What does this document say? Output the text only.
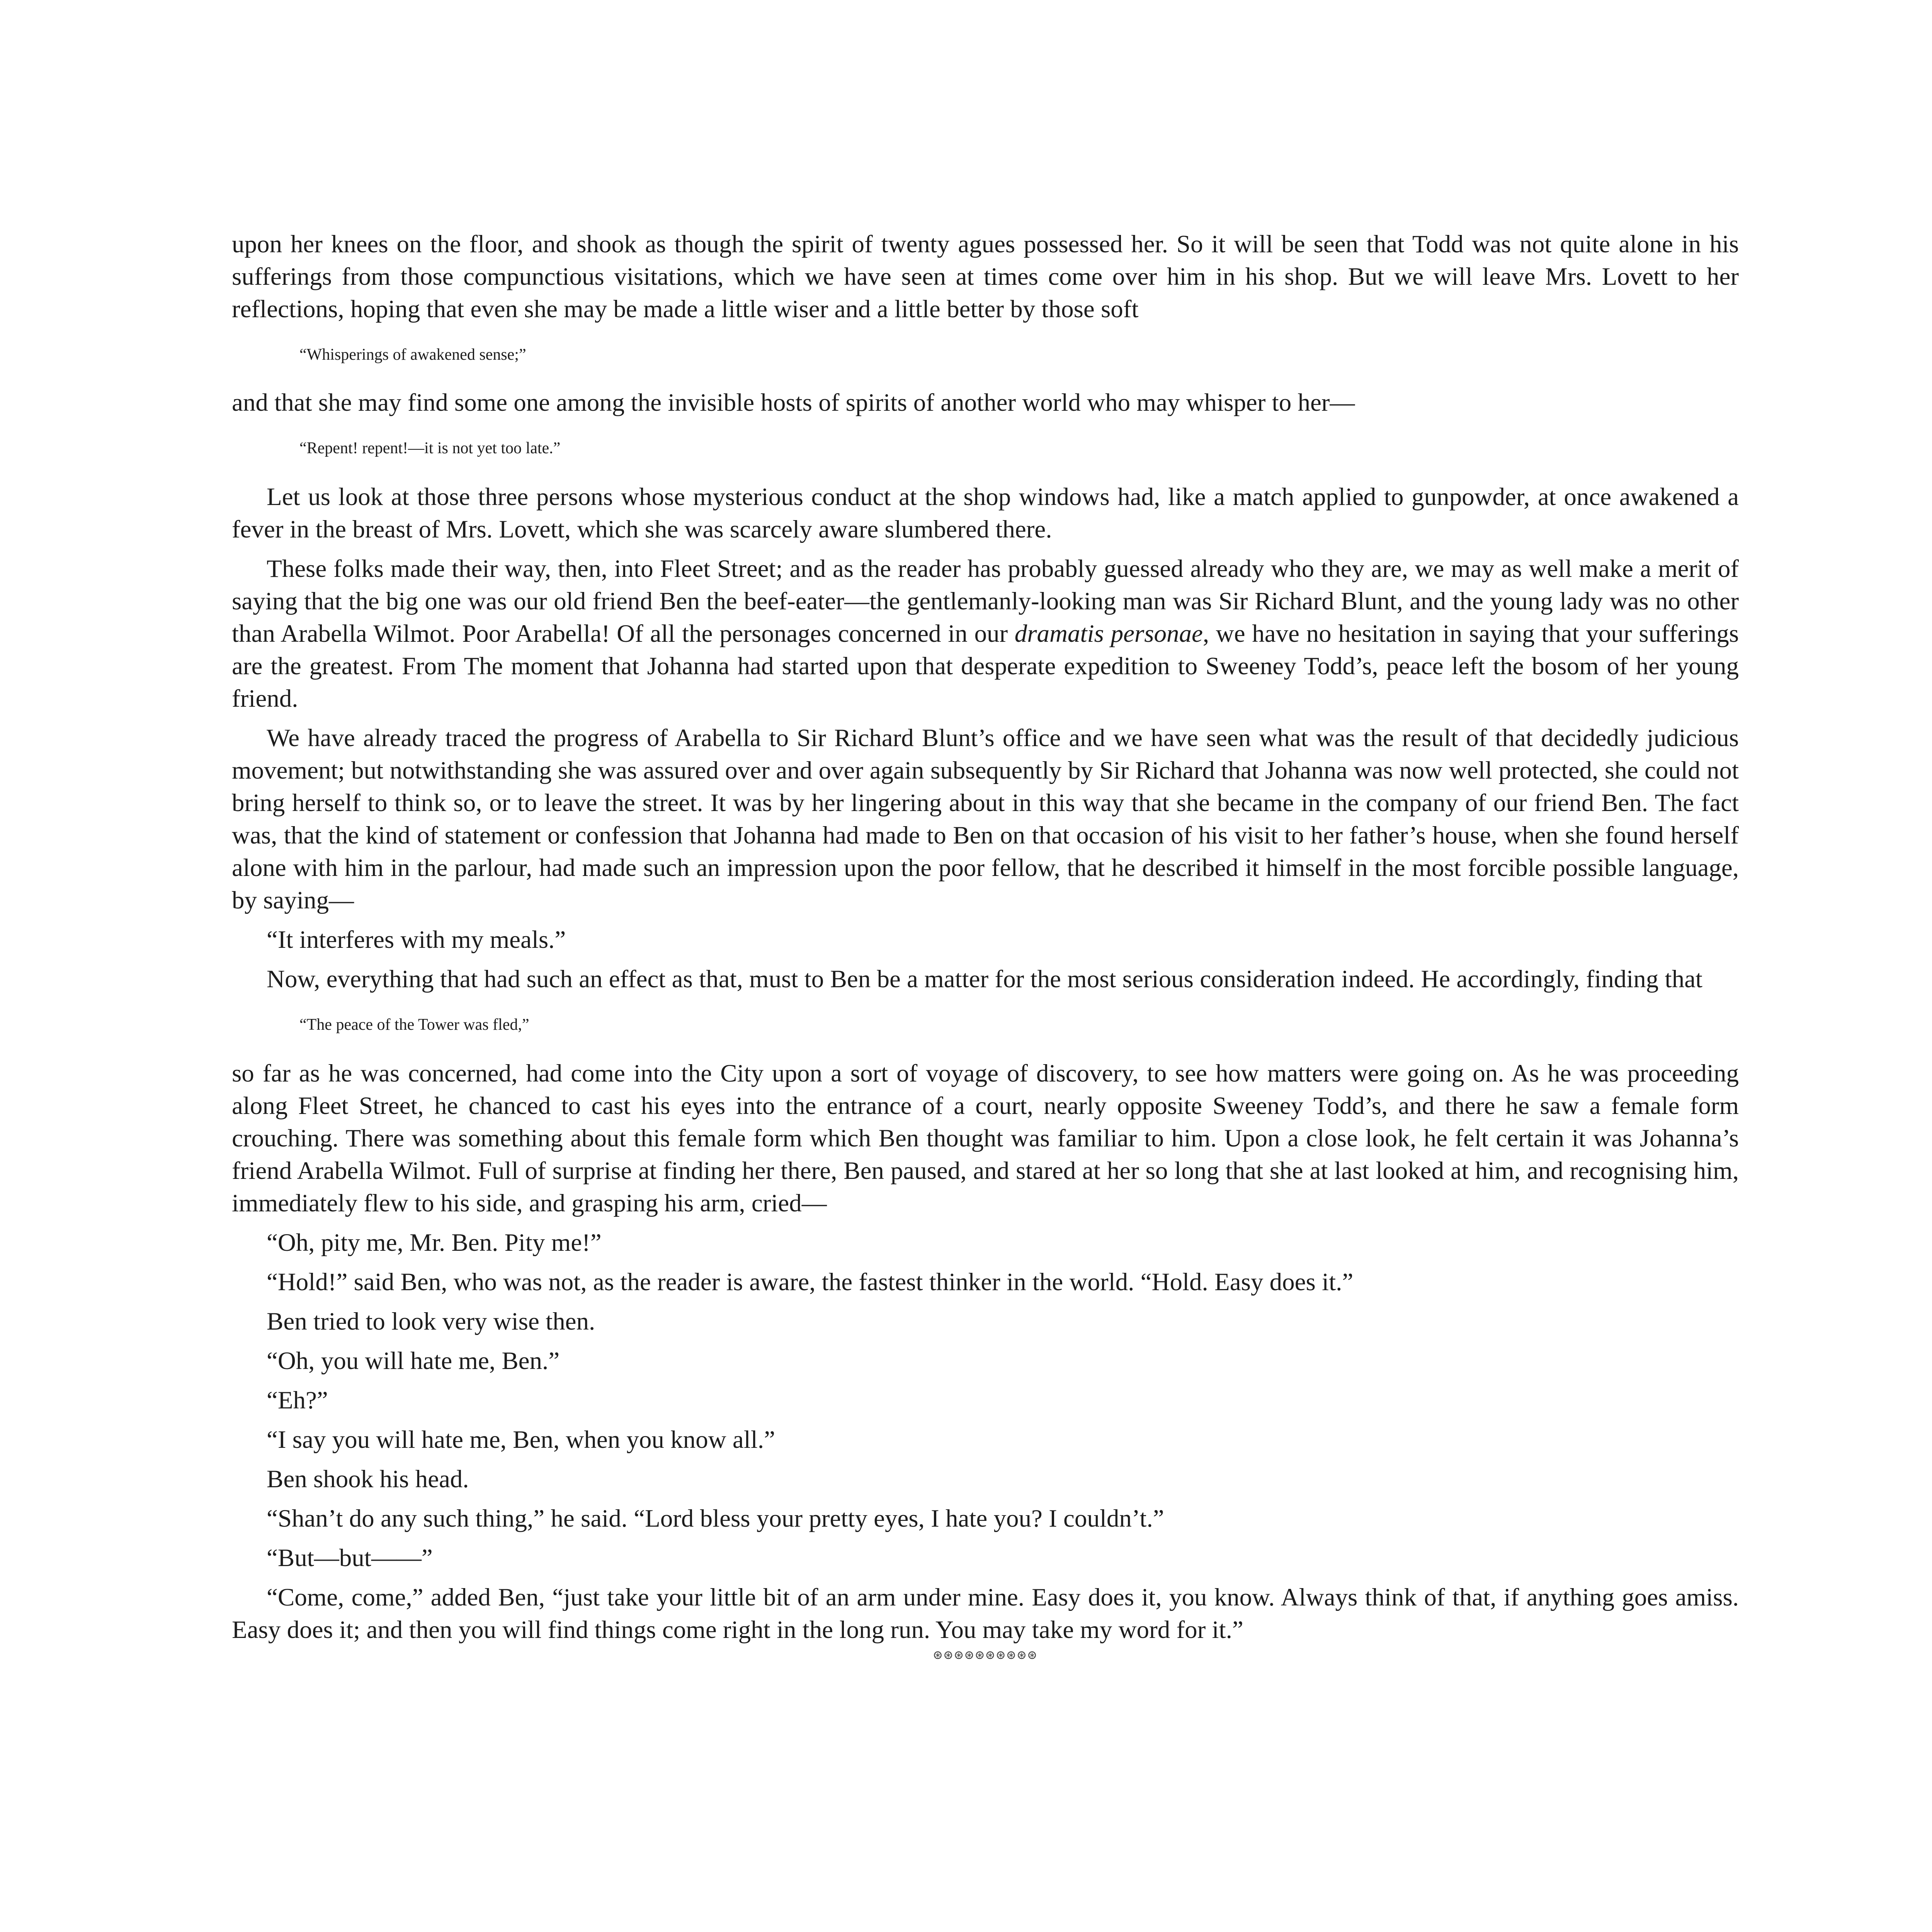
upon her knees on the floor, and shook as though the spirit of twenty agues possessed her. So it will be seen that Todd was not quite alone in his sufferings from those compunctious visitations, which we have seen at times come over him in his shop. But we will leave Mrs. Lovett to her reflections, hoping that even she may be made a little wiser and a little better by those soft

“Whisperings of awakened sense;”

and that she may find some one among the invisible hosts of spirits of another world who may whisper to her—

“Repent! repent!—it is not yet too late.”

Let us look at those three persons whose mysterious conduct at the shop windows had, like a match applied to gunpowder, at once awakened a fever in the breast of Mrs. Lovett, which she was scarcely aware slumbered there.

These folks made their way, then, into Fleet Street; and as the reader has probably guessed already who they are, we may as well make a merit of saying that the big one was our old friend Ben the beef-eater—the gentlemanly-looking man was Sir Richard Blunt, and the young lady was no other than Arabella Wilmot. Poor Arabella! Of all the personages concerned in our dramatis personae, we have no hesitation in saying that your sufferings are the greatest. From The moment that Johanna had started upon that desperate expedition to Sweeney Todd’s, peace left the bosom of her young friend.

We have already traced the progress of Arabella to Sir Richard Blunt’s office and we have seen what was the result of that decidedly judicious movement; but notwithstanding she was assured over and over again subsequently by Sir Richard that Johanna was now well protected, she could not bring herself to think so, or to leave the street. It was by her lingering about in this way that she became in the company of our friend Ben. The fact was, that the kind of statement or confession that Johanna had made to Ben on that occasion of his visit to her father’s house, when she found herself alone with him in the parlour, had made such an impression upon the poor fellow, that he described it himself in the most forcible possible language, by saying—

“It interferes with my meals.”

Now, everything that had such an effect as that, must to Ben be a matter for the most serious consideration indeed. He accordingly, finding that

“The peace of the Tower was fled,”

so far as he was concerned, had come into the City upon a sort of voyage of discovery, to see how matters were going on. As he was proceeding along Fleet Street, he chanced to cast his eyes into the entrance of a court, nearly opposite Sweeney Todd’s, and there he saw a female form crouching. There was something about this female form which Ben thought was familiar to him. Upon a close look, he felt certain it was Johanna’s friend Arabella Wilmot. Full of surprise at finding her there, Ben paused, and stared at her so long that she at last looked at him, and recognising him, immediately flew to his side, and grasping his arm, cried—

“Oh, pity me, Mr. Ben. Pity me!”

“Hold!” said Ben, who was not, as the reader is aware, the fastest thinker in the world. “Hold. Easy does it.”

Ben tried to look very wise then.

“Oh, you will hate me, Ben.”

“Eh?”

“I say you will hate me, Ben, when you know all.”

Ben shook his head.

“Shan’t do any such thing,” he said. “Lord bless your pretty eyes, I hate you? I couldn’t.”

“But—but——”

“Come, come,” added Ben, “just take your little bit of an arm under mine. Easy does it, you know. Always think of that, if anything goes amiss. Easy does it; and then you will find things come right in the long run. You may take my word for it.”

⊛⊛⊛⊛⊛⊛⊛⊛⊛⊛
